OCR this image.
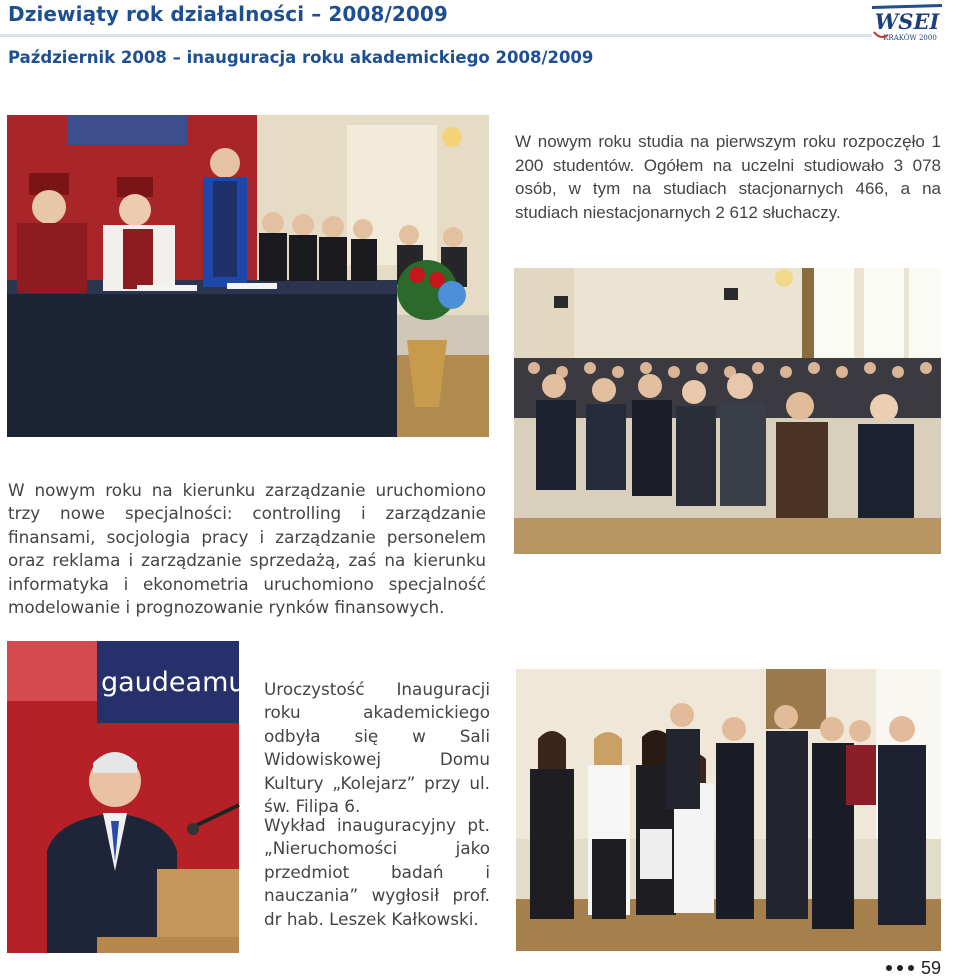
Dziewiąty rok działalności – 2008/2009
Październik 2008 – inauguracja roku akademickiego 2008/2009
WSEI
KRAKÓW 2000
W nowym roku studia na pierwszym roku rozpoczęło 1 200 studentów. Ogółem na uczelni studiowało 3 078 osób, w tym na studiach stacjonarnych 466, a na studiach niestacjonarnych 2 612 słuchaczy.
W nowym roku na kierunku zarządzanie uruchomiono trzy nowe specjalności: controlling i zarządzanie finansami, socjologia pracy i zarządzanie personelem oraz reklama i zarządzanie sprzedażą, zaś na kierunku informatyka i ekonometria uruchomiono specjalność modelowanie i prognozowanie rynków finansowych.
gaudeamus Uroczystość Inauguracji roku akademickiego odbyła się w Sali Widowiskowej Domu Kultury „Kolejarz” przy ul. św. Filipa 6.
Wykład inauguracyjny pt. „Nieruchomości jako przedmiot badań i nauczania” wygłosił prof. dr hab. Leszek Kałkowski.
59
